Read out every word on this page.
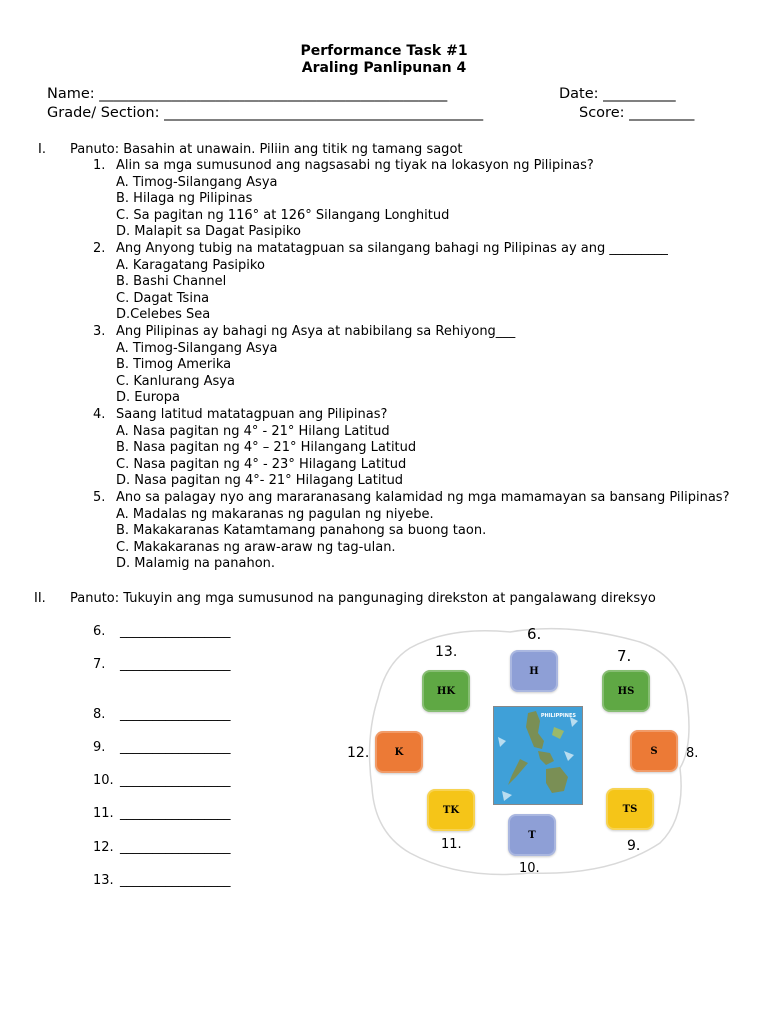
Performance Task #1
Araling Panlipunan 4
Name: ________________________________________________	Date: __________
Grade/ Section: ____________________________________________	Score: _________
I. Panuto: Basahin at unawain. Piliin ang titik ng tamang sagot
1. Alin sa mga sumusunod ang nagsasabi ng tiyak na lokasyon ng Pilipinas?
A. Timog-Silangang Asya
B. Hilaga ng Pilipinas
C. Sa pagitan ng 116° at 126° Silangang Longhitud
D. Malapit sa Dagat Pasipiko
2. Ang Anyong tubig na matatagpuan sa silangang bahagi ng Pilipinas ay ang _________
A. Karagatang Pasipiko
B. Bashi Channel
C. Dagat Tsina
D.Celebes Sea
3. Ang Pilipinas ay bahagi ng Asya at nabibilang sa Rehiyong___
A. Timog-Silangang Asya
B. Timog Amerika
C. Kanlurang Asya
D. Europa
4. Saang latitud matatagpuan ang Pilipinas?
A. Nasa pagitan ng 4° - 21° Hilang Latitud
B. Nasa pagitan ng 4° – 21° Hilangang Latitud
C. Nasa pagitan ng 4° - 23° Hilagang Latitud
D. Nasa pagitan ng 4°- 21° Hilagang Latitud
5. Ano sa palagay nyo ang mararanasang kalamidad ng mga mamamayan sa bansang Pilipinas?
A. Madalas ng makaranas ng pagulan ng niyebe.
B. Makakaranas Katamtamang panahong sa buong taon.
C. Makakaranas ng araw-araw ng tag-ulan.
D. Malamig na panahon.
II. Panuto: Tukuyin ang mga sumusunod na pangunaging direkston at pangalawang direksyo
6. _________________
7. _________________
8. _________________
9. _________________
10. _________________
11. _________________
12. _________________
13. _________________
PHILIPPINES
H
HS
S
TS
T
TK
K
HK
6.
7.
8.
9.
10.
11.
12.
13.
